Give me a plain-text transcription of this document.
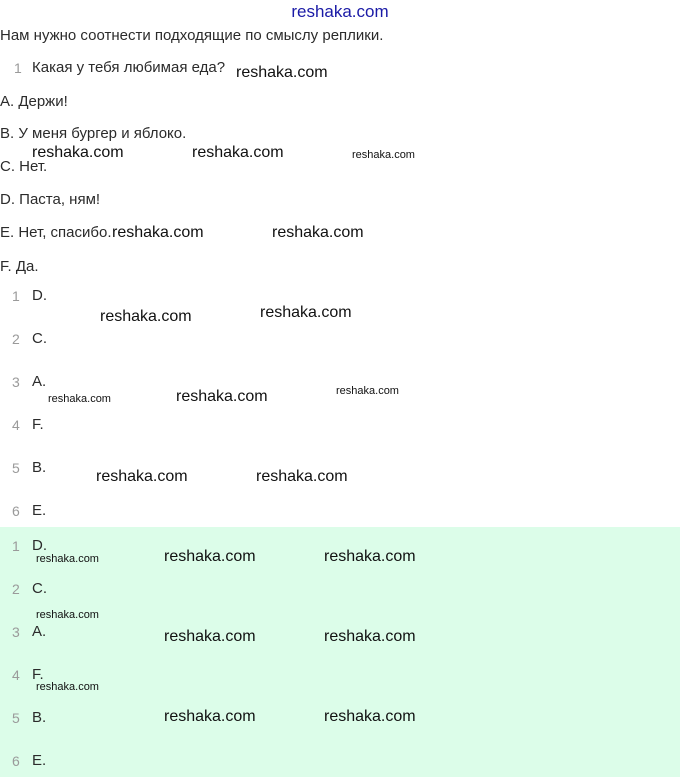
reshaka.com
Нам нужно соотнести подходящие по смыслу реплики.
1 Какая у тебя любимая еда?
A. Держи!
B. У меня бургер и яблоко.
C. Нет.
D. Паста, ням!
E. Нет, спасибо.
F. Да.
1 D.
2 C.
3 A.
4 F.
5 B.
6 E.
1 D.
2 C.
3 A.
4 F.
5 B.
6 E.
reshaka.com
reshaka.com	reshaka.com	reshaka.com
reshaka.com	reshaka.com
reshaka.com	reshaka.com
reshaka.com	reshaka.com	reshaka.com
reshaka.com	reshaka.com
reshaka.com	reshaka.com	reshaka.com
reshaka.com
reshaka.com	reshaka.com
reshaka.com
reshaka.com	reshaka.com
